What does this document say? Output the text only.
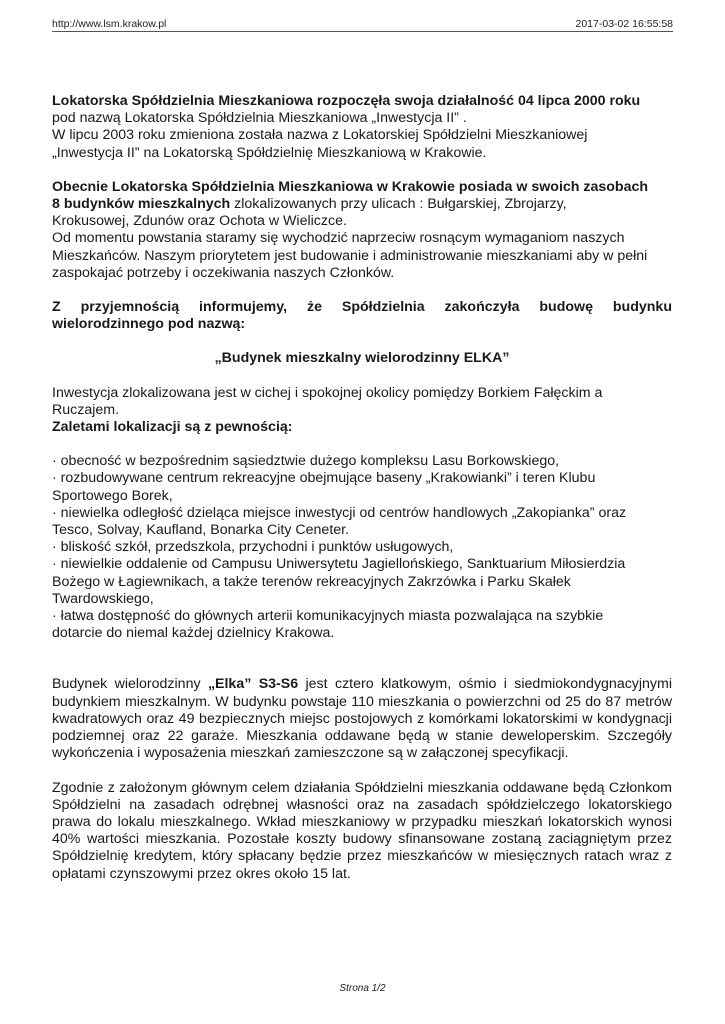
http://www.lsm.krakow.pl	2017-03-02 16:55:58

Lokatorska Spółdzielnia Mieszkaniowa rozpoczęła swoja działalność 04 lipca 2000 roku

pod nazwą Lokatorska Spółdzielnia Mieszkaniowa „Inwestycja II” .

W lipcu 2003 roku zmieniona została nazwa z Lokatorskiej Spółdzielni Mieszkaniowej

„Inwestycja II” na Lokatorską Spółdzielnię Mieszkaniową w Krakowie.

Obecnie Lokatorska Spółdzielnia Mieszkaniowa w Krakowie posiada w swoich zasobach

8 budynków mieszkalnych zlokalizowanych przy ulicach : Bułgarskiej, Zbrojarzy,

Krokusowej, Zdunów oraz Ochota w Wieliczce.

Od momentu powstania staramy się wychodzić naprzeciw rosnącym wymaganiom naszych

Mieszkańców. Naszym priorytetem jest budowanie i administrowanie mieszkaniami aby w pełni

zaspokajać potrzeby i oczekiwania naszych Członków.

Z przyjemnością informujemy, że Spółdzielnia zakończyła budowę budynku

wielorodzinnego pod nazwą:

„Budynek mieszkalny wielorodzinny ELKA”

Inwestycja zlokalizowana jest w cichej i spokojnej okolicy pomiędzy Borkiem Fałęckim a

Ruczajem.

Zaletami lokalizacji są z pewnością:

· obecność w bezpośrednim sąsiedztwie dużego kompleksu Lasu Borkowskiego,

· rozbudowywane centrum rekreacyjne obejmujące baseny „Krakowianki” i teren Klubu

Sportowego Borek,

· niewielka odległość dzieląca miejsce inwestycji od centrów handlowych „Zakopianka” oraz

Tesco, Solvay, Kaufland, Bonarka City Ceneter.

· bliskość szkół, przedszkola, przychodni i punktów usługowych,

· niewielkie oddalenie od Campusu Uniwersytetu Jagiellońskiego, Sanktuarium Miłosierdzia

Bożego w Łagiewnikach, a także terenów rekreacyjnych Zakrzówka i Parku Skałek

Twardowskiego,

· łatwa dostępność do głównych arterii komunikacyjnych miasta pozwalająca na szybkie

dotarcie do niemal każdej dzielnicy Krakowa.

Budynek wielorodzinny „Elka” S3-S6 jest cztero klatkowym, ośmio i siedmiokondygnacyjnymi budynkiem mieszkalnym. W budynku powstaje 110 mieszkania o powierzchni od 25 do 87 metrów kwadratowych oraz 49 bezpiecznych miejsc postojowych z komórkami lokatorskimi w kondygnacji podziemnej oraz 22 garaże. Mieszkania oddawane będą w stanie deweloperskim. Szczegóły wykończenia i wyposażenia mieszkań zamieszczone są w załączonej specyfikacji.

Zgodnie z założonym głównym celem działania Spółdzielni mieszkania oddawane będą Członkom Spółdzielni na zasadach odrębnej własności oraz na zasadach spółdzielczego lokatorskiego prawa do lokalu mieszkalnego. Wkład mieszkaniowy w przypadku mieszkań lokatorskich wynosi 40% wartości mieszkania. Pozostałe koszty budowy sfinansowane zostaną zaciągniętym przez Spółdzielnię kredytem, który spłacany będzie przez mieszkańców w miesięcznych ratach wraz z opłatami czynszowymi przez okres około 15 lat.

Strona 1/2
